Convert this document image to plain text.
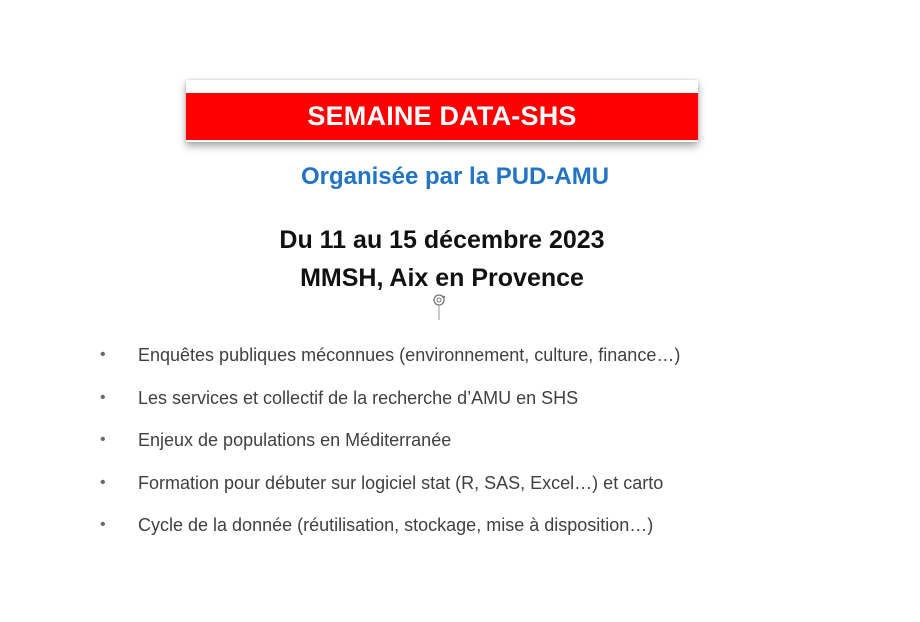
SEMAINE DATA-SHS
Organisée par la PUD-AMU
Du 11 au 15 décembre 2023
MMSH, Aix en Provence
•	Enquêtes publiques méconnues (environnement, culture, finance…)
•	Les services et collectif de la recherche d’AMU en SHS
•	Enjeux de populations en Méditerranée
•	Formation pour débuter sur logiciel stat (R, SAS, Excel…) et carto
•	Cycle de la donnée (réutilisation, stockage, mise à disposition…)
